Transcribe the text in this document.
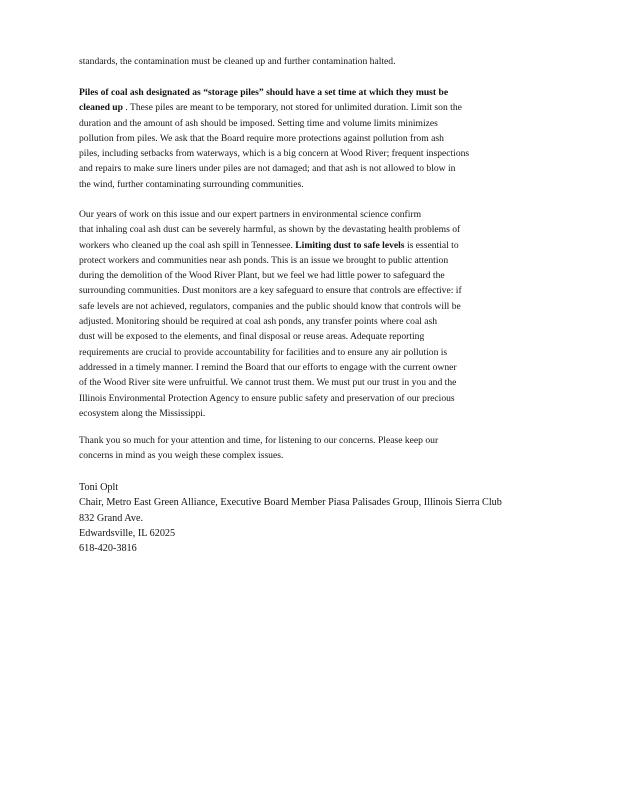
standards, the contamination must be cleaned up and further contamination halted.
Piles of coal ash designated as “storage piles” should have a set time at which they must be
cleaned up . These piles are meant to be temporary, not stored for unlimited duration. Limit son the
duration and the amount of ash should be imposed. Setting time and volume limits minimizes
pollution from piles. We ask that the Board require more protections against pollution from ash
piles, including setbacks from waterways, which is a big concern at Wood River; frequent inspections
and repairs to make sure liners under piles are not damaged; and that ash is not allowed to blow in
the wind, further contaminating surrounding communities.
Our years of work on this issue and our expert partners in environmental science confirm
that inhaling coal ash dust can be severely harmful, as shown by the devastating health problems of
workers who cleaned up the coal ash spill in Tennessee. Limiting dust to safe levels is essential to
protect workers and communities near ash ponds. This is an issue we brought to public attention
during the demolition of the Wood River Plant, but we feel we had little power to safeguard the
surrounding communities. Dust monitors are a key safeguard to ensure that controls are effective: if
safe levels are not achieved, regulators, companies and the public should know that controls will be
adjusted. Monitoring should be required at coal ash ponds, any transfer points where coal ash
dust will be exposed to the elements, and final disposal or reuse areas. Adequate reporting
requirements are crucial to provide accountability for facilities and to ensure any air pollution is
addressed in a timely manner. I remind the Board that our efforts to engage with the current owner
of the Wood River site were unfruitful. We cannot trust them. We must put our trust in you and the
Illinois Environmental Protection Agency to ensure public safety and preservation of our precious
ecosystem along the Mississippi.
Thank you so much for your attention and time, for listening to our concerns. Please keep our
concerns in mind as you weigh these complex issues.
Toni Oplt
Chair, Metro East Green Alliance, Executive Board Member Piasa Palisades Group, Illinois Sierra Club
832 Grand Ave.
Edwardsville, IL 62025
618-420-3816
